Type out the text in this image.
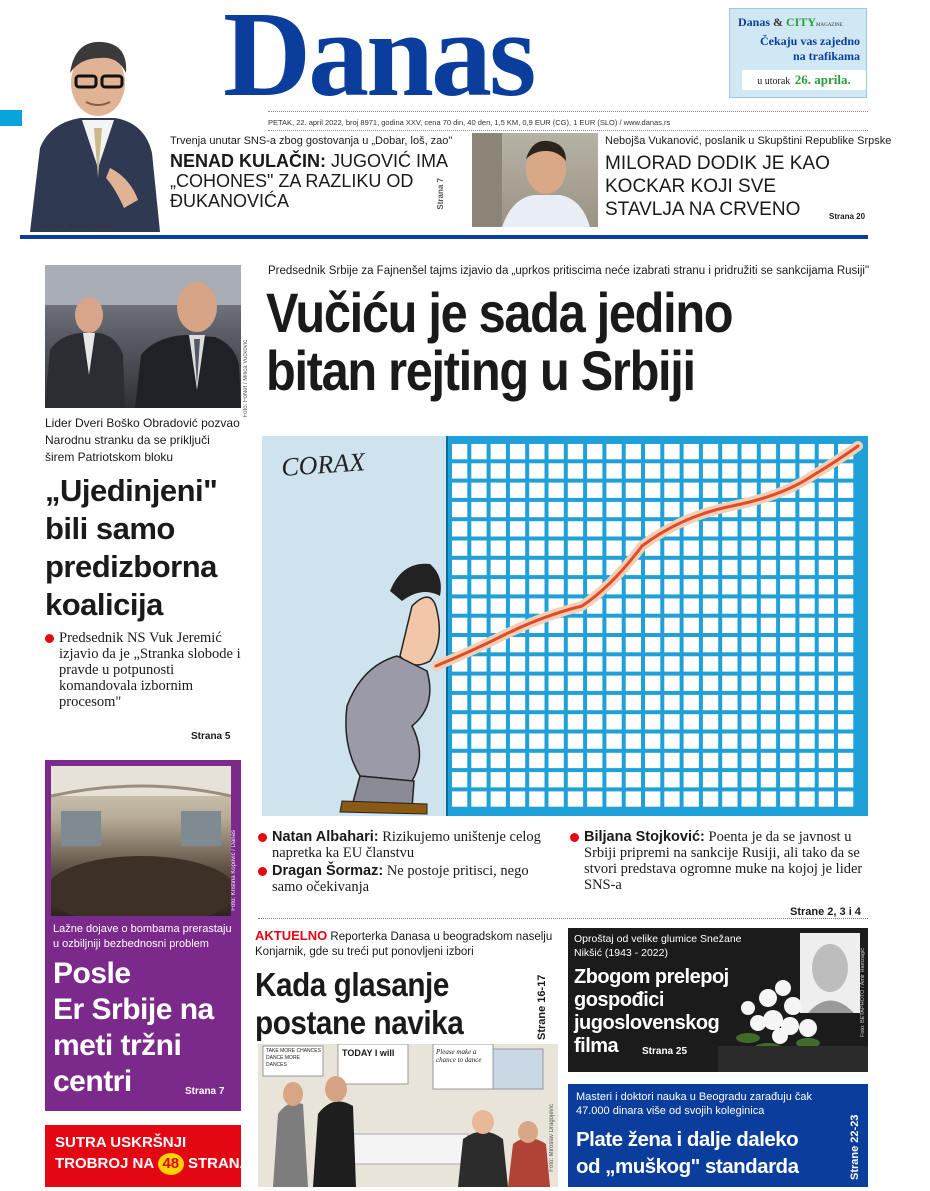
Danas
PETAK, 22. april 2022, broj 8971, godina XXV, cena 70 din, 40 den, 1,5 KM, 0,9 EUR (CG), 1 EUR (SLO) / www.danas.rs
Danas & CITYMAGAZINE
Čekaju vas zajedno
na trafikama
u utorak 26. aprila.
Foto: Luca_Marziale / Danas
Trvenja unutar SNS-a zbog gostovanja u „Dobar, loš, zao"
NENAD KULAČIN: JUGOVIĆ IMA „COHONES" ZA RAZLIKU OD ĐUKANOVIĆA	Strana 7
Nebojša Vukanović, poslanik u Skupštini Republike Srpske
MILORAD DODIK JE KAO KOCKAR KOJI SVE STAVLJA NA CRVENO	Strana 20
Foto: FoNet / Milica Vučković
Lider Dveri Boško Obradović pozvao Narodnu stranku da se priključi širem Patriotskom bloku
„Ujedinjeni"
bili samo
predizborna
koalicija
Predsednik NS Vuk Jeremić izjavio da je „Stranka slobode i pravde u potpunosti komandovala izbornim procesom"
Strana 5
Foto: Kristina Kopović / Danas
Lažne dojave o bombama prerastaju u ozbiljniji bezbednosni problem
Posle
Er Srbije na
meti tržni
centri	Strana 7
SUTRA USKRŠNJI
TROBROJ NA 48 STRANA
Predsednik Srbije za Fajnenšel tajms izjavio da „uprkos pritiscima neće izabrati stranu i pridružiti se sankcijama Rusiji"
Vučiću je sada jedino
bitan rejting u Srbiji
CORAX
Natan Albahari: Rizikujemo uništenje celog napretka ka EU članstvu
Dragan Šormaz: Ne postoje pritisci, nego samo očekivanja
Biljana Stojković: Poenta je da se javnost u Srbiji pripremi na sankcije Rusiji, ali tako da se stvori predstava ogromne muke na kojoj je lider SNS-a
Strane 2, 3 i 4
AKTUELNO Reporterka Danasa u beogradskom naselju Konjarnik, gde su treći put ponovljeni izbori
Kada glasanje
postane navika	Strane 16-17
TODAY I will	Please make a chance to dance
TAKE MORE CHANCES DANCE MORE DANCES
Foto: Miroslav Dragojević
Oproštaj od velike glumice Snežane Nikšić (1943 - 2022)
Zbogom prelepoj
gospođici
jugoslovenskog
filma	Strana 25
Foto: BETAPHOTO / Amir Hamzagić
Masteri i doktori nauka u Beogradu zarađuju čak 47.000 dinara više od svojih koleginica
Plate žena i dalje daleko
od „muškog" standarda	Strane 22-23
